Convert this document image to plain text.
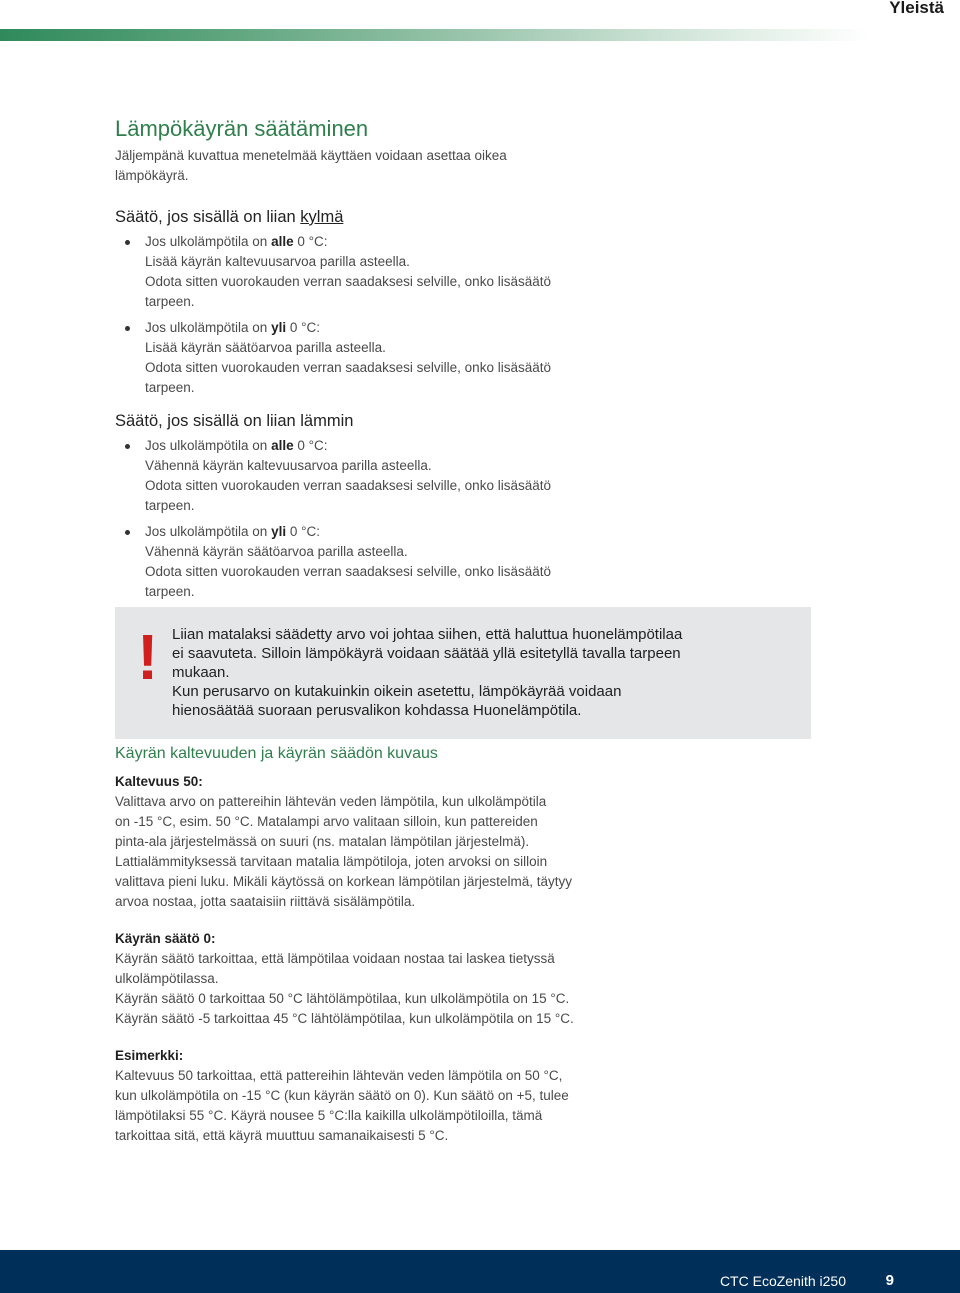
Yleistä
Lämpökäyrän säätäminen

Jäljempänä kuvattua menetelmää käyttäen voidaan asettaa oikea lämpökäyrä.

Säätö, jos sisällä on liian kylmä
Jos ulkolämpötila on alle 0 °C:
Lisää käyrän kaltevuusarvoa parilla asteella.
Odota sitten vuorokauden verran saadaksesi selville, onko lisäsäätö
tarpeen.
Jos ulkolämpötila on yli 0 °C:
Lisää käyrän säätöarvoa parilla asteella.
Odota sitten vuorokauden verran saadaksesi selville, onko lisäsäätö
tarpeen.
Säätö, jos sisällä on liian lämmin
Jos ulkolämpötila on alle 0 °C:
Vähennä käyrän kaltevuusarvoa parilla asteella.
Odota sitten vuorokauden verran saadaksesi selville, onko lisäsäätö
tarpeen.
Jos ulkolämpötila on yli 0 °C:
Vähennä käyrän säätöarvoa parilla asteella.
Odota sitten vuorokauden verran saadaksesi selville, onko lisäsäätö
tarpeen.
! Liian matalaksi säädetty arvo voi johtaa siihen, että haluttua huonelämpötilaa
ei saavuteta. Silloin lämpökäyrä voidaan säätää yllä esitetyllä tavalla tarpeen
mukaan.
Kun perusarvo on kutakuinkin oikein asetettu, lämpökäyrää voidaan
hienosäätää suoraan perusvalikon kohdassa Huonelämpötila.
Käyrän kaltevuuden ja käyrän säädön kuvaus
Kaltevuus 50:

Valittava arvo on pattereihin lähtevän veden lämpötila, kun ulkolämpötila

on -15 °C, esim. 50 °C. Matalampi arvo valitaan silloin, kun pattereiden

pinta-ala järjestelmässä on suuri (ns. matalan lämpötilan järjestelmä).

Lattialämmityksessä tarvitaan matalia lämpötiloja, joten arvoksi on silloin

valittava pieni luku. Mikäli käytössä on korkean lämpötilan järjestelmä, täytyy

arvoa nostaa, jotta saataisiin riittävä sisälämpötila.

Käyrän säätö 0:

Käyrän säätö tarkoittaa, että lämpötilaa voidaan nostaa tai laskea tietyssä

ulkolämpötilassa.

Käyrän säätö 0 tarkoittaa 50 °C lähtölämpötilaa, kun ulkolämpötila on 15 °C.

Käyrän säätö -5 tarkoittaa 45 °C lähtölämpötilaa, kun ulkolämpötila on 15 °C.

Esimerkki:

Kaltevuus 50 tarkoittaa, että pattereihin lähtevän veden lämpötila on 50 °C,

kun ulkolämpötila on -15 °C (kun käyrän säätö on 0). Kun säätö on +5, tulee

lämpötilaksi 55 °C. Käyrä nousee 5 °C:lla kaikilla ulkolämpötiloilla, tämä

tarkoittaa sitä, että käyrä muuttuu samanaikaisesti 5 °C.

CTC EcoZenith i250	9
